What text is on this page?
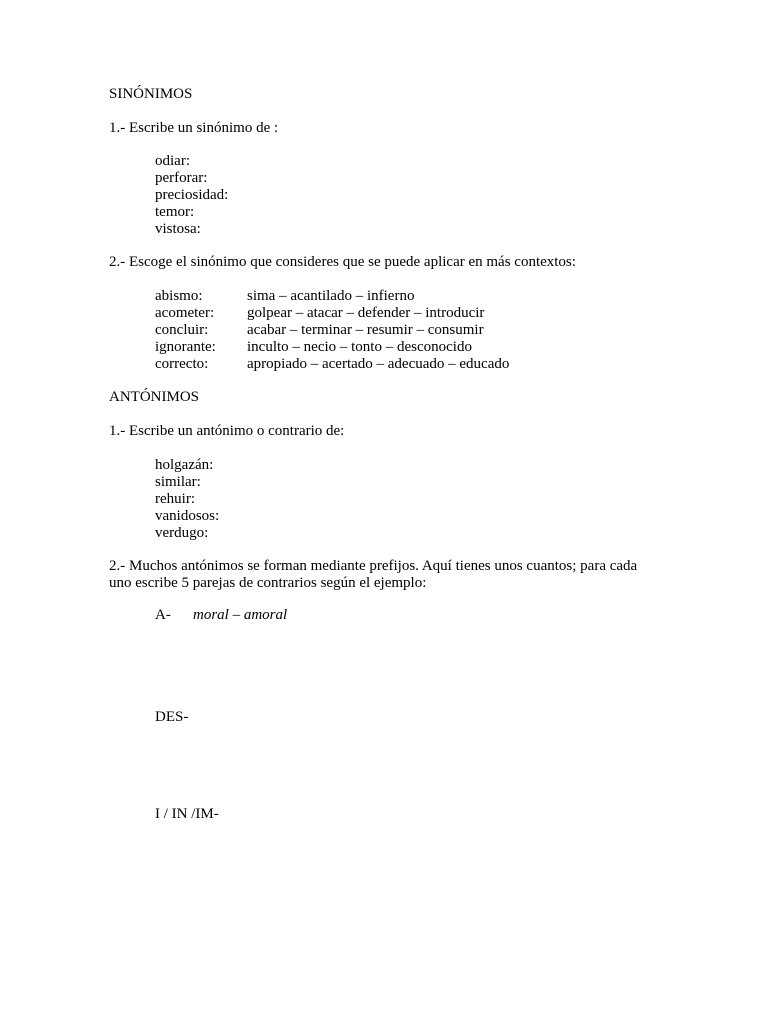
SINÓNIMOS
1.- Escribe un sinónimo de :
odiar:
perforar:
preciosidad:
temor:
vistosa:
2.- Escoge el sinónimo que consideres que se puede aplicar en más contextos:
abismo:	sima – acantilado – infierno
acometer: golpear – atacar – defender – introducir
concluir:	acabar – terminar – resumir – consumir
ignorante: inculto – necio – tonto – desconocido
correcto:	apropiado – acertado – adecuado – educado
ANTÓNIMOS
1.- Escribe un antónimo o contrario de:
holgazán:
similar:
rehuir:
vanidosos:
verdugo:
2.- Muchos antónimos se forman mediante prefijos. Aquí tienes unos cuantos; para cada
uno escribe 5 parejas de contrarios según el ejemplo:
A- moral – amoral
DES-
I / IN /IM-
